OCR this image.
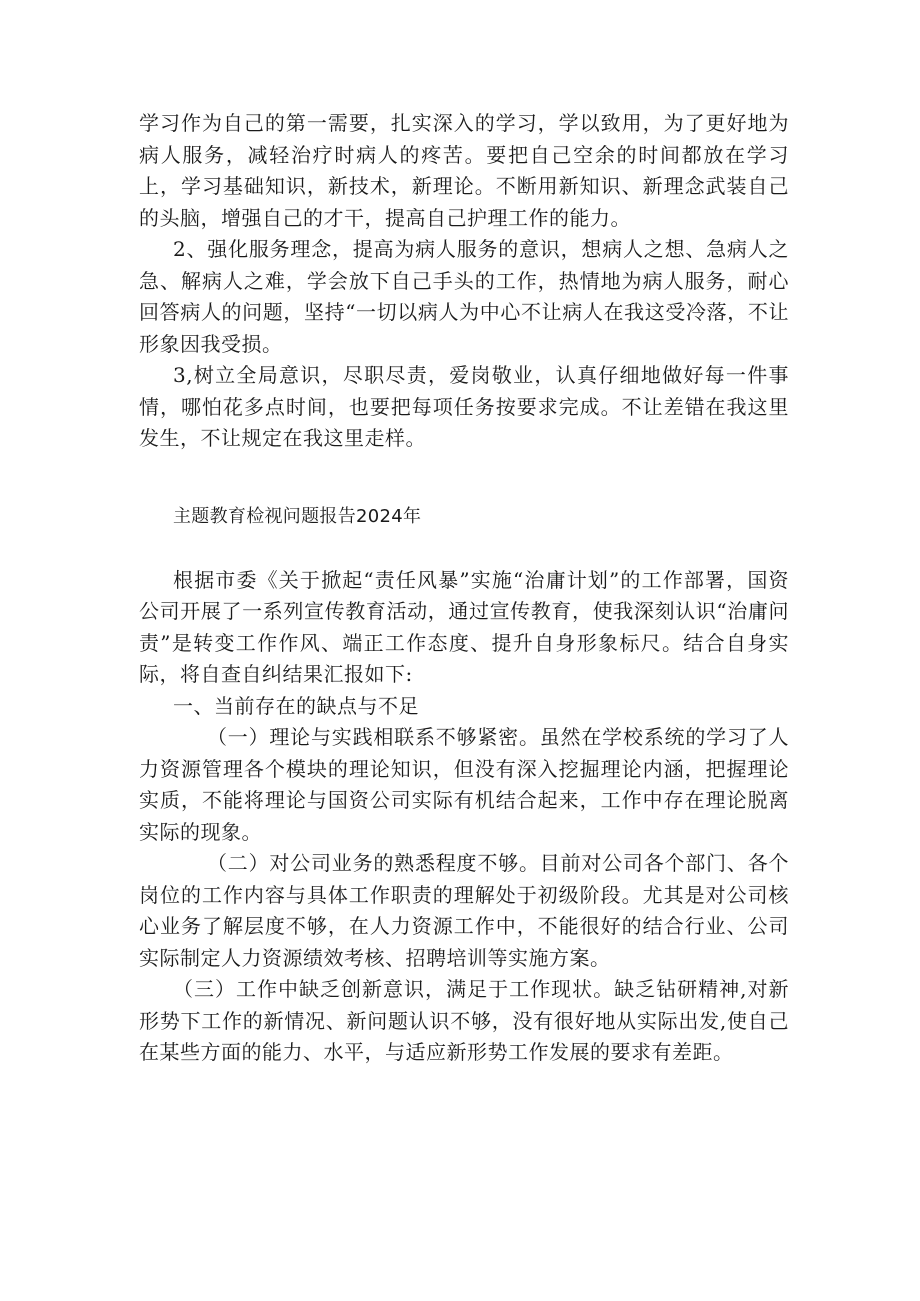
学习作为自己的第一需要，扎实深入的学习，学以致用，为了更好地为病人服务，减轻治疗时病人的疼苦。要把自己空余的时间都放在学习上，学习基础知识，新技术，新理论。不断用新知识、新理念武装自己的头脑，增强自己的才干，提高自己护理工作的能力。

2、强化服务理念，提高为病人服务的意识，想病人之想、急病人之急、解病人之难，学会放下自己手头的工作，热情地为病人服务，耐心回答病人的问题，坚持“一切以病人为中心不让病人在我这受冷落，不让形象因我受损。

3,树立全局意识，尽职尽责，爱岗敬业，认真仔细地做好每一件事情，哪怕花多点时间，也要把每项任务按要求完成。不让差错在我这里发生，不让规定在我这里走样。

主题教育检视问题报告2024年

根据市委《关于掀起“责任风暴”实施“治庸计划”的工作部署，国资公司开展了一系列宣传教育活动，通过宣传教育，使我深刻认识“治庸问责”是转变工作作风、端正工作态度、提升自身形象标尺。结合自身实际，将自查自纠结果汇报如下:

一、当前存在的缺点与不足

（一）理论与实践相联系不够紧密。虽然在学校系统的学习了人力资源管理各个模块的理论知识，但没有深入挖掘理论内涵，把握理论实质，不能将理论与国资公司实际有机结合起来，工作中存在理论脱离实际的现象。

（二）对公司业务的熟悉程度不够。目前对公司各个部门、各个岗位的工作内容与具体工作职责的理解处于初级阶段。尤其是对公司核心业务了解层度不够，在人力资源工作中，不能很好的结合行业、公司实际制定人力资源绩效考核、招聘培训等实施方案。

（三）工作中缺乏创新意识，满足于工作现状。缺乏钻研精神,对新形势下工作的新情况、新问题认识不够，没有很好地从实际出发,使自己在某些方面的能力、水平，与适应新形势工作发展的要求有差距。
